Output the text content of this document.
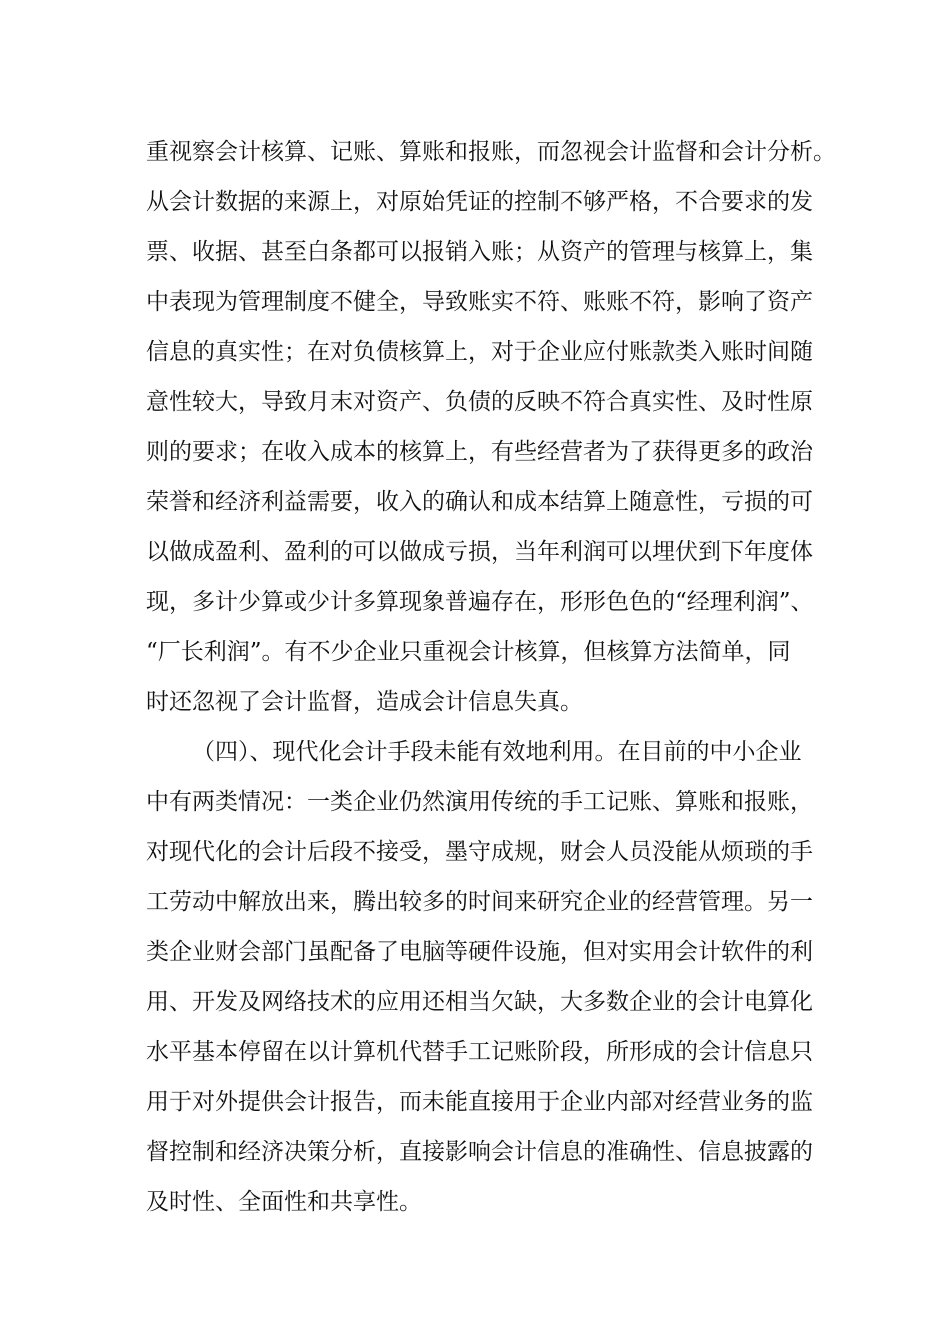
重视察会计核算、记账、算账和报账，而忽视会计监督和会计分析。
从会计数据的来源上，对原始凭证的控制不够严格，不合要求的发
票、收据、甚至白条都可以报销入账；从资产的管理与核算上，集
中表现为管理制度不健全，导致账实不符、账账不符，影响了资产
信息的真实性；在对负债核算上，对于企业应付账款类入账时间随
意性较大，导致月末对资产、负债的反映不符合真实性、及时性原
则的要求；在收入成本的核算上，有些经营者为了获得更多的政治
荣誉和经济利益需要，收入的确认和成本结算上随意性，亏损的可
以做成盈利、盈利的可以做成亏损，当年利润可以埋伏到下年度体
现，多计少算或少计多算现象普遍存在，形形色色的“经理利润”、
“厂长利润”。有不少企业只重视会计核算，但核算方法简单，同
时还忽视了会计监督，造成会计信息失真。
（四）、现代化会计手段未能有效地利用。在目前的中小企业
中有两类情况：一类企业仍然演用传统的手工记账、算账和报账，
对现代化的会计后段不接受，墨守成规，财会人员没能从烦琐的手
工劳动中解放出来，腾出较多的时间来研究企业的经营管理。另一
类企业财会部门虽配备了电脑等硬件设施，但对实用会计软件的利
用、开发及网络技术的应用还相当欠缺，大多数企业的会计电算化
水平基本停留在以计算机代替手工记账阶段，所形成的会计信息只
用于对外提供会计报告，而未能直接用于企业内部对经营业务的监
督控制和经济决策分析，直接影响会计信息的准确性、信息披露的
及时性、全面性和共享性。
